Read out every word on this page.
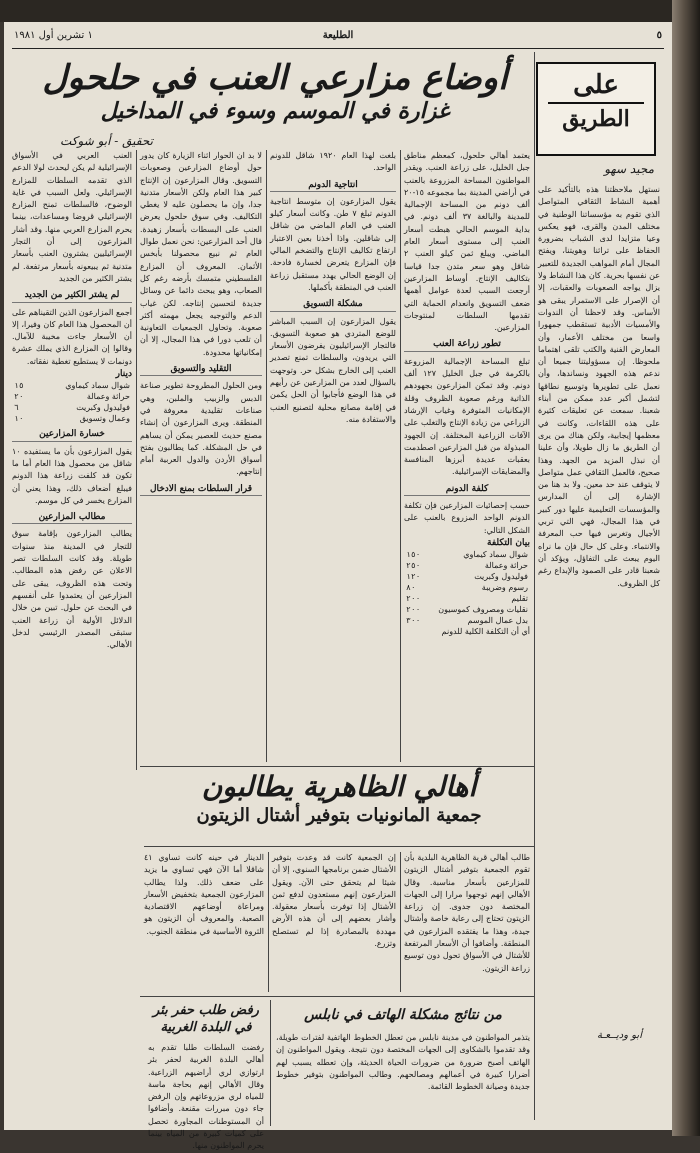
٥
الطليعة
١ تشرين أول ١٩٨١
على
الطريق
مجيد سهو
نستهل ملاحظتنا هذه بالتأكيد على أهمية النشاط الثقافي المتواصل الذي تقوم به مؤسساتنا الوطنية في مختلف المدن والقرى، فهو يعكس وعيا متزايدا لدى الشباب بضرورة الحفاظ على تراثنا وهويتنا، ويفتح المجال أمام المواهب الجديدة للتعبير عن نفسها بحرية. كان هذا النشاط ولا يزال يواجه الصعوبات والعقبات، إلا أن الإصرار على الاستمرار يبقى هو الأساس. وقد لاحظنا أن الندوات والأمسيات الأدبية تستقطب جمهورا واسعا من مختلف الأعمار، وأن المعارض الفنية والكتب تلقى اهتماما ملحوظا. إن مسؤوليتنا جميعا أن ندعم هذه الجهود ونساندها، وأن نعمل على تطويرها وتوسيع نطاقها لتشمل أكبر عدد ممكن من أبناء شعبنا. سمعت عن تعليقات كثيرة على هذه اللقاءات، وكانت في معظمها إيجابية، ولكن هناك من يرى أن الطريق ما زال طويلا، وأن علينا أن نبذل المزيد من الجهد. وهذا صحيح، فالعمل الثقافي عمل متواصل لا يتوقف عند حد معين. ولا بد هنا من الإشارة إلى أن المدارس والمؤسسات التعليمية عليها دور كبير في هذا المجال، فهي التي تربي الأجيال وتغرس فيها حب المعرفة والانتماء. وعلى كل حال فإن ما نراه اليوم يبعث على التفاؤل، ويؤكد أن شعبنا قادر على الصمود والإبداع رغم كل الظروف.
أبو وديــعـة
أوضاع مزارعي العنب في حلحول
غزارة في الموسم وسوء في المداخيل
تحقيق - أبو شوكت
يعتمد أهالي حلحول، كمعظم مناطق جبل الخليل، على زراعة العنب. ويقدر المواطنون المساحة المزروعة بالعنب في أراضي المدينة بما مجموعه ١٥-٢٠ ألف دونم من المساحة الإجمالية للمدينة والبالغة ٣٧ ألف دونم. في بداية الموسم الحالي هبطت أسعار العنب إلى مستوى أسعار العام الماضي. ويبلغ ثمن كيلو العنب ٢ شاقل وهو سعر متدن جدا قياسا بتكاليف الإنتاج. أوساط المزارعين أرجعت السبب لعدة عوامل أهمها ضعف التسويق وانعدام الحماية التي تقدمها السلطات لمنتوجات المزارعين.
تطور زراعة العنب
تبلغ المساحة الإجمالية المزروعة بالكرمة في جبل الخليل ١٢٧ ألف دونم. وقد تمكن المزارعون بجهودهم الذاتية ورغم صعوبة الظروف وقلة الإمكانيات المتوفرة وغياب الإرشاد الزراعي من زيادة الإنتاج والتغلب على الآفات الزراعية المختلفة. إن الجهود المبذولة من قبل المزارعين اصطدمت بعقبات عديدة أبرزها المنافسة والمضايقات الإسرائيلية.
كلفة الدونم
حسب إحصائيات المزارعين فإن تكلفة الدونم الواحد المزروع بالعنب على الشكل التالي:
بيان التكلفة
شوال سماد كيماوي	١٥٠
حراثة وعمالة	٢٥٠
فوليدول وكبريت	١٢٠
رسوم وضريبة	٨٠
تقليم	٢٠٠
نقليات ومصروف كموسيون	٢٠٠
بدل عمال الموسم	٣٠٠
أي أن التكلفة الكلية للدونم
بلغت لهذا العام ١٩٢٠ شاقل للدونم الواحد.
انتاجية الدونم
يقول المزارعون إن متوسط انتاجية الدونم تبلغ ٧ طن. وكانت أسعار كيلو العنب في العام الماضي من شاقل إلى شاقلين. واذا أخذنا بعين الاعتبار ارتفاع تكاليف الإنتاج والتضخم المالي فإن المزارع يتعرض لخسارة فادحة. إن الوضع الحالي يهدد مستقبل زراعة العنب في المنطقة بأكملها.
مشكلة التسويق
يقول المزارعون إن السبب المباشر للوضع المتردي هو صعوبة التسويق. فالتجار الإسرائيليون يفرضون الأسعار التي يريدون، والسلطات تمنع تصدير العنب إلى الخارج بشكل حر. وتوجهت بالسؤال لعدد من المزارعين عن رأيهم في هذا الوضع فأجابوا أن الحل يكمن في إقامة مصانع محلية لتصنيع العنب والاستفادة منه.
لا بد ان الحوار اثناء الزيارة كان يدور حول أوضاع المزارعين وصعوبات التسويق. وقال المزارعون إن الإنتاج كبير هذا العام ولكن الأسعار متدنية جدا، وإن ما يحصلون عليه لا يغطي التكاليف. وفي سوق حلحول يعرض العنب على البسطات بأسعار زهيدة. قال أحد المزارعين: نحن نعمل طوال العام ثم نبيع محصولنا بأبخس الأثمان. المعروف أن المزارع الفلسطيني متمسك بأرضه رغم كل الصعاب، وهو يبحث دائما عن وسائل جديدة لتحسين إنتاجه. لكن غياب الدعم والتوجيه يجعل مهمته أكثر صعوبة. وتحاول الجمعيات التعاونية أن تلعب دورا في هذا المجال، إلا أن إمكانياتها محدودة.
التقليد والتسويق
ومن الحلول المطروحة تطوير صناعة الدبس والزبيب والملبن، وهي صناعات تقليدية معروفة في المنطقة. ويرى المزارعون أن إنشاء مصنع حديث للعصير يمكن أن يساهم في حل المشكلة. كما يطالبون بفتح أسواق الأردن والدول العربية أمام إنتاجهم.
قرار السلطات بمنع الادخال
العنب العربي في الأسواق الإسرائيلية لم يكن ليحدث لولا الدعم الذي تقدمه السلطات للمزارع الإسرائيلي. ولعل السبب في غاية الوضوح، فالسلطات تمنح المزارع الإسرائيلي قروضا ومساعدات، بينما يحرم المزارع العربي منها. وقد أشار المزارعون إلى أن التجار الإسرائيليين يشترون العنب بأسعار متدنية ثم يبيعونه بأسعار مرتفعة. لم يشتر الكثير من الجديد
لم يشتر الكثير من الجديد
أجمع المزارعون الذين التقيناهم على أن المحصول هذا العام كان وفيرا، إلا أن الأسعار جاءت مخيبة للآمال. وقالوا إن المزارع الذي يملك عشرة دونمات لا يستطيع تغطية نفقاته.
دينار
شوال سماد كيماوي	١٥
حراثة وعمالة	٢٠
فوليدول وكبريت	٦
وعمال وتسويق	١٠
خسارة المزارعين
يقول المزارعون بأن ما يستفيده ١٠ شاقل من محصول هذا العام أما ما تكون قد كلفت زراعة هذا الدونم فيبلغ أضعاف ذلك، وهذا يعني أن المزارع يخسر في كل موسم.
مطالب المزارعين
يطالب المزارعون بإقامة سوق للتجار في المدينة منذ سنوات طويلة. وقد كانت السلطات تصر الاعلان عن رفض هذه المطالب. وتحت هذه الظروف، يبقى على المزارعين أن يعتمدوا على أنفسهم في البحث عن حلول. تبين من خلال الدلائل الأولية أن زراعة العنب ستبقى المصدر الرئيسي لدخل الأهالي.
أهالي الظاهرية يطالبون
جمعية المانونيات بتوفير أشتال الزيتون
طالب أهالي قرية الظاهرية البلدية بأن تقوم الجمعية بتوفير أشتال الزيتون للمزارعين بأسعار مناسبة. وقال الأهالي إنهم توجهوا مرارا إلى الجهات المختصة دون جدوى. إن زراعة الزيتون تحتاج إلى رعاية خاصة وأشتال جيدة، وهذا ما يفتقده المزارعون في المنطقة. وأضافوا أن الأسعار المرتفعة للأشتال في الأسواق تحول دون توسيع زراعة الزيتون.
إن الجمعية كانت قد وعدت بتوفير الأشتال ضمن برنامجها السنوي، إلا أن شيئا لم يتحقق حتى الآن. ويقول المزارعون إنهم مستعدون لدفع ثمن الأشتال إذا توفرت بأسعار معقولة. وأشار بعضهم إلى أن هذه الأرض مهددة بالمصادرة إذا لم تستصلح وتزرع.
الدينار في حينه كانت تساوي ٤١ شاقلا أما الآن فهي تساوي ما يزيد على ضعف ذلك. ولذا يطالب المزارعون الجمعية بتخفيض الأسعار ومراعاة أوضاعهم الاقتصادية الصعبة. والمعروف أن الزيتون هو الثروة الأساسية في منطقة الجنوب.
رفض طلب حفر بئر في البلدة الغربية
رفضت السلطات طلبا تقدم به أهالي البلدة الغربية لحفر بئر ارتوازي لري أراضيهم الزراعية. وقال الأهالي إنهم بحاجة ماسة للمياه لري مزروعاتهم وإن الرفض جاء دون مبررات مقنعة. وأضافوا أن المستوطنات المجاورة تحصل على كميات كبيرة من المياه بينما يحرم المواطنون منها.
من نتائج مشكلة الهاتف في نابلس
يتذمر المواطنون في مدينة نابلس من تعطل الخطوط الهاتفية لفترات طويلة، وقد تقدموا بالشكاوى إلى الجهات المختصة دون نتيجة. ويقول المواطنون إن الهاتف أصبح ضرورة من ضرورات الحياة الحديثة، وإن تعطله يسبب لهم أضرارا كبيرة في أعمالهم ومصالحهم. وطالب المواطنون بتوفير خطوط جديدة وصيانة الخطوط القائمة.
